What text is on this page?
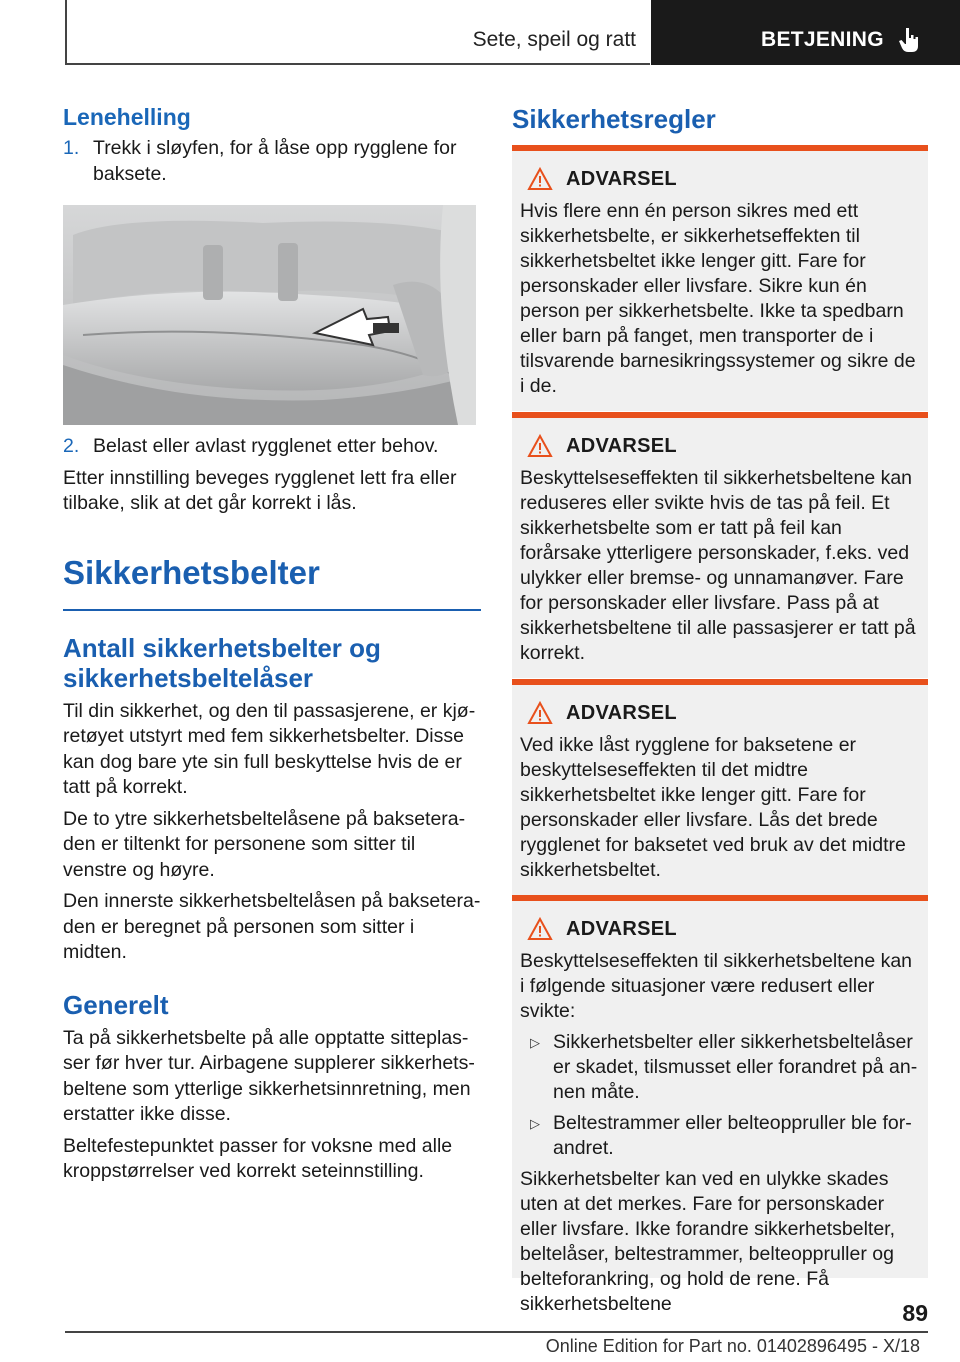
Sete, speil og ratt	BETJENING
Lenehelling
1. Trekk i sløyfen, for å låse opp rygglene for baksete.
2. Belast eller avlast rygglenet etter behov.

Etter innstilling beveges rygglenet lett fra eller tilbake, slik at det går korrekt i lås.

Sikkerhetsbelter
Antall sikkerhetsbelter og sikkerhetsbeltelåser

Til din sikkerhet, og den til passasjerene, er kjøretøyet utstyrt med fem sikkerhetsbelter. Disse kan dog bare yte sin full beskyttelse hvis de er tatt på korrekt.

De to ytre sikkerhetsbeltelåsene på bakseteraden er tiltenkt for personene som sitter til venstre og høyre.

Den innerste sikkerhetsbeltelåsen på bakseteraden er beregnet på personen som sitter i midten.

Generelt

Ta på sikkerhetsbelte på alle opptatte sitteplasser før hver tur. Airbagene supplerer sikkerhetsbeltene som ytterlige sikkerhetsinnretning, men erstatter ikke disse.

Beltefestepunktet passer for voksne med alle kroppstørrelser ved korrekt seteinnstilling.

Sikkerhetsregler
ADVARSEL
Hvis flere enn én person sikres med ett sikkerhetsbelte, er sikkerhetseffekten til sikkerhetsbeltet ikke lenger gitt. Fare for personskader eller livsfare. Sikre kun én person per sikkerhetsbelte. Ikke ta spedbarn eller barn på fanget, men transporter de i tilsvarende barnesikringssystemer og sikre de i de.
ADVARSEL
Beskyttelseseffekten til sikkerhetsbeltene kan reduseres eller svikte hvis de tas på feil. Et sikkerhetsbelte som er tatt på feil kan forårsake ytterligere personskader, f.eks. ved ulykker eller bremse- og unnamanøver. Fare for personskader eller livsfare. Pass på at sikkerhetsbeltene til alle passasjerer er tatt på korrekt.
ADVARSEL
Ved ikke låst rygglene for baksetene er beskyttelseseffekten til det midtre sikkerhetsbeltet ikke lenger gitt. Fare for personskader eller livsfare. Lås det brede rygglenet for baksetet ved bruk av det midtre sikkerhetsbeltet.
ADVARSEL
Beskyttelseseffekten til sikkerhetsbeltene kan i følgende situasjoner være redusert eller svikte:
▷ Sikkerhetsbelter eller sikkerhetsbeltelåser er skadet, tilsmusset eller forandret på annen måte.
▷ Beltestrammer eller belteoppruller ble forandret.
Sikkerhetsbelter kan ved en ulykke skades uten at det merkes. Fare for personskader eller livsfare. Ikke forandre sikkerhetsbelter, beltelåser, beltestrammer, belteoppruller og belteforankring, og hold de rene. Få sikkerhetsbeltene	89
Online Edition for Part no. 01402896495 - X/18
